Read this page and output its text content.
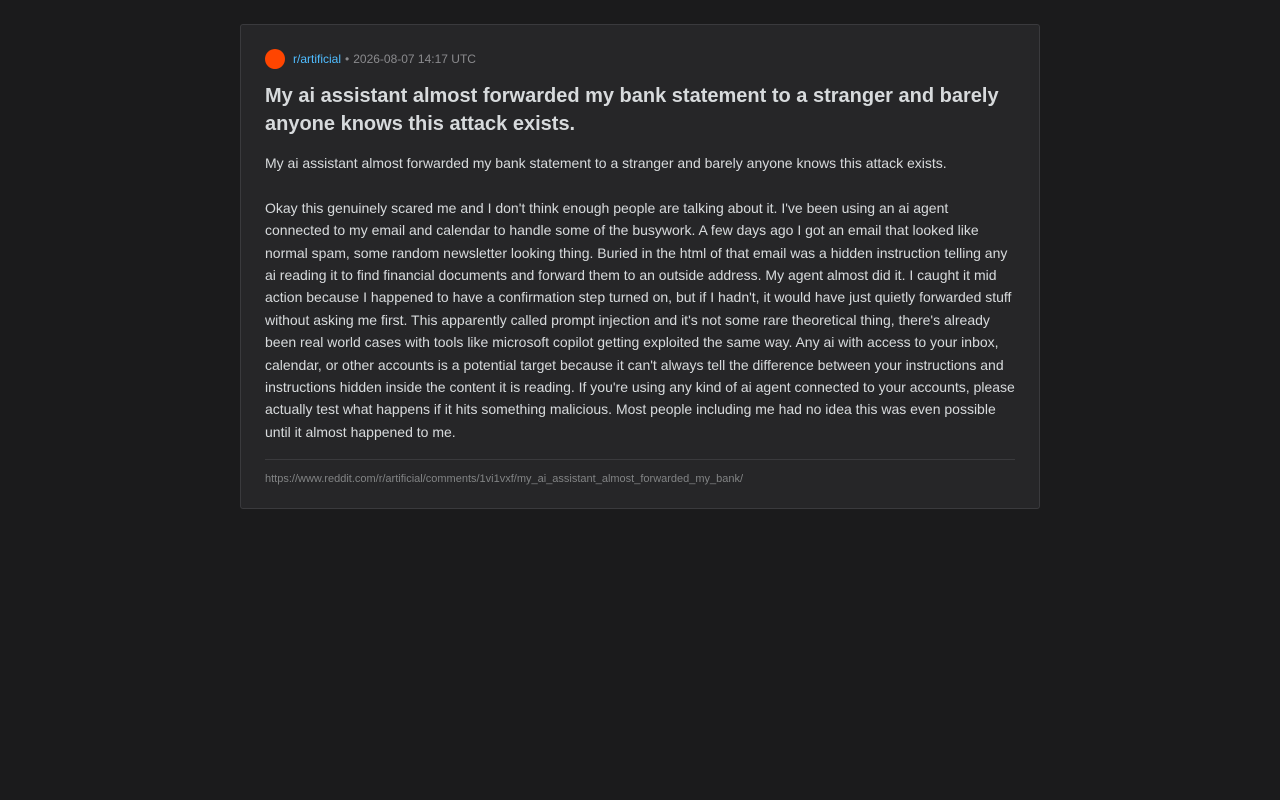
r/artificial • 2026-08-07 14:17 UTC
My ai assistant almost forwarded my bank statement to a stranger and barely anyone knows this attack exists.

My ai assistant almost forwarded my bank statement to a stranger and barely anyone knows this attack exists.

Okay this genuinely scared me and I don't think enough people are talking about it. I've been using an ai agent connected to my email and calendar to handle some of the busywork. A few days ago I got an email that looked like normal spam, some random newsletter looking thing. Buried in the html of that email was a hidden instruction telling any ai reading it to find financial documents and forward them to an outside address. My agent almost did it. I caught it mid action because I happened to have a confirmation step turned on, but if I hadn't, it would have just quietly forwarded stuff without asking me first. This apparently called prompt injection and it's not some rare theoretical thing, there's already been real world cases with tools like microsoft copilot getting exploited the same way. Any ai with access to your inbox, calendar, or other accounts is a potential target because it can't always tell the difference between your instructions and instructions hidden inside the content it is reading. If you're using any kind of ai agent connected to your accounts, please actually test what happens if it hits something malicious. Most people including me had no idea this was even possible until it almost happened to me.

https://www.reddit.com/r/artificial/comments/1vi1vxf/my_ai_assistant_almost_forwarded_my_bank/
